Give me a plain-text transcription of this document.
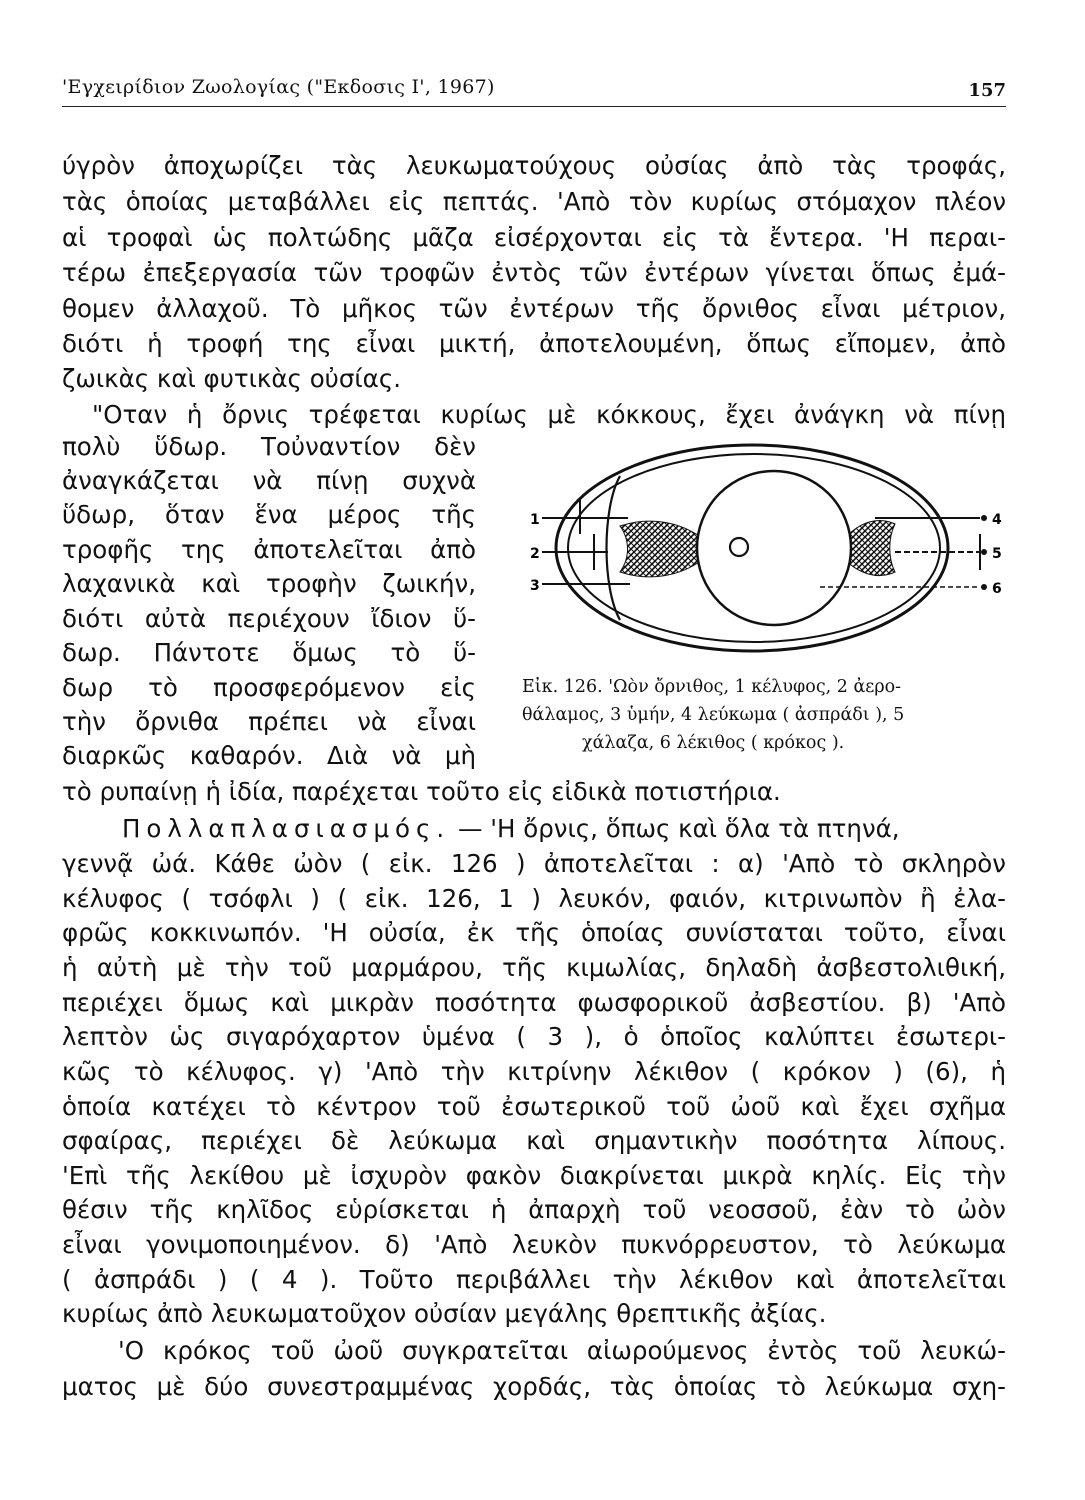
'Εγχειρίδιον Ζωολογίας ("Εκδοσις Ι', 1967)	157
ύγρὸν ἀποχωρίζει τὰς λευκωματούχους οὐσίας ἀπὸ τὰς τροφάς,
τὰς ὁποίας μεταβάλλει εἰς πεπτάς. 'Απὸ τὸν κυρίως στόμαχον πλέον
αἱ τροφαὶ ὡς πολτώδης μᾶζα εἰσέρχονται εἰς τὰ ἔντερα. 'Η περαι-
τέρω ἐπεξεργασία τῶν τροφῶν ἐντὸς τῶν ἐντέρων γίνεται ὅπως ἐμά-
θομεν ἀλλαχοῦ. Τὸ μῆκος τῶν ἐντέρων τῆς ὄρνιθος εἶναι μέτριον,
διότι ἡ τροφή της εἶναι μικτή, ἀποτελουμένη, ὅπως εἴπομεν, ἀπὸ
ζωικὰς καὶ φυτικὰς οὐσίας.
"Οταν ἡ ὄρνις τρέφεται κυρίως μὲ κόκκους, ἔχει ἀνάγκη νὰ πίνῃ
πολὺ ὕδωρ. Τοὐναντίον δὲν
ἀναγκάζεται νὰ πίνῃ συχνὰ
ὕδωρ, ὅταν ἕνα μέρος τῆς
τροφῆς της ἀποτελεῖται ἀπὸ
λαχανικὰ καὶ τροφὴν ζωικήν,
διότι αὐτὰ περιέχουν ἴδιον ὕ-
δωρ. Πάντοτε ὅμως τὸ ὕ-
δωρ τὸ προσφερόμενον εἰς
τὴν ὄρνιθα πρέπει νὰ εἶναι
διαρκῶς καθαρόν. Διὰ νὰ μὴ
1
2
3
4
5
6
Εἰκ. 126. 'Ωὸν ὄρνιθος, 1 κέλυφος, 2 ἀερο-
θάλαμος, 3 ὑμήν, 4 λεύκωμα ( ἀσπράδι ), 5
χάλαζα, 6 λέκιθος ( κρόκος ).
τὸ ρυπαίνῃ ἡ ἰδία, παρέχεται τοῦτο εἰς εἰδικὰ ποτιστήρια.
Πολλαπλασιασμός. — 'Η ὄρνις, ὅπως καὶ ὅλα τὰ πτηνά,
γεννᾷ ὠά. Κάθε ὠὸν ( εἰκ. 126 ) ἀποτελεῖται : α) 'Απὸ τὸ σκληρὸν
κέλυφος ( τσόφλι ) ( εἰκ. 126, 1 ) λευκόν, φαιόν, κιτρινωπὸν ἢ ἐλα-
φρῶς κοκκινωπόν. 'Η οὐσία, ἐκ τῆς ὁποίας συνίσταται τοῦτο, εἶναι
ἡ αὐτὴ μὲ τὴν τοῦ μαρμάρου, τῆς κιμωλίας, δηλαδὴ ἀσβεστολιθική,
περιέχει ὅμως καὶ μικρὰν ποσότητα φωσφορικοῦ ἀσβεστίου. β) 'Απὸ
λεπτὸν ὡς σιγαρόχαρτον ὑμένα ( 3 ), ὁ ὁποῖος καλύπτει ἐσωτερι-
κῶς τὸ κέλυφος. γ) 'Απὸ τὴν κιτρίνην λέκιθον ( κρόκον ) (6), ἡ
ὁποία κατέχει τὸ κέντρον τοῦ ἐσωτερικοῦ τοῦ ὠοῦ καὶ ἔχει σχῆμα
σφαίρας, περιέχει δὲ λεύκωμα καὶ σημαντικὴν ποσότητα λίπους.
'Επὶ τῆς λεκίθου μὲ ἰσχυρὸν φακὸν διακρίνεται μικρὰ κηλίς. Εἰς τὴν
θέσιν τῆς κηλῖδος εὑρίσκεται ἡ ἀπαρχὴ τοῦ νεοσσοῦ, ἐὰν τὸ ὠὸν
εἶναι γονιμοποιημένον. δ) 'Απὸ λευκὸν πυκνόρρευστον, τὸ λεύκωμα
( ἀσπράδι ) ( 4 ). Τοῦτο περιβάλλει τὴν λέκιθον καὶ ἀποτελεῖται
κυρίως ἀπὸ λευκωματοῦχον οὐσίαν μεγάλης θρεπτικῆς ἀξίας.
'Ο κρόκος τοῦ ὠοῦ συγκρατεῖται αἰωρούμενος ἐντὸς τοῦ λευκώ-
ματος μὲ δύο συνεστραμμένας χορδάς, τὰς ὁποίας τὸ λεύκωμα σχη-
